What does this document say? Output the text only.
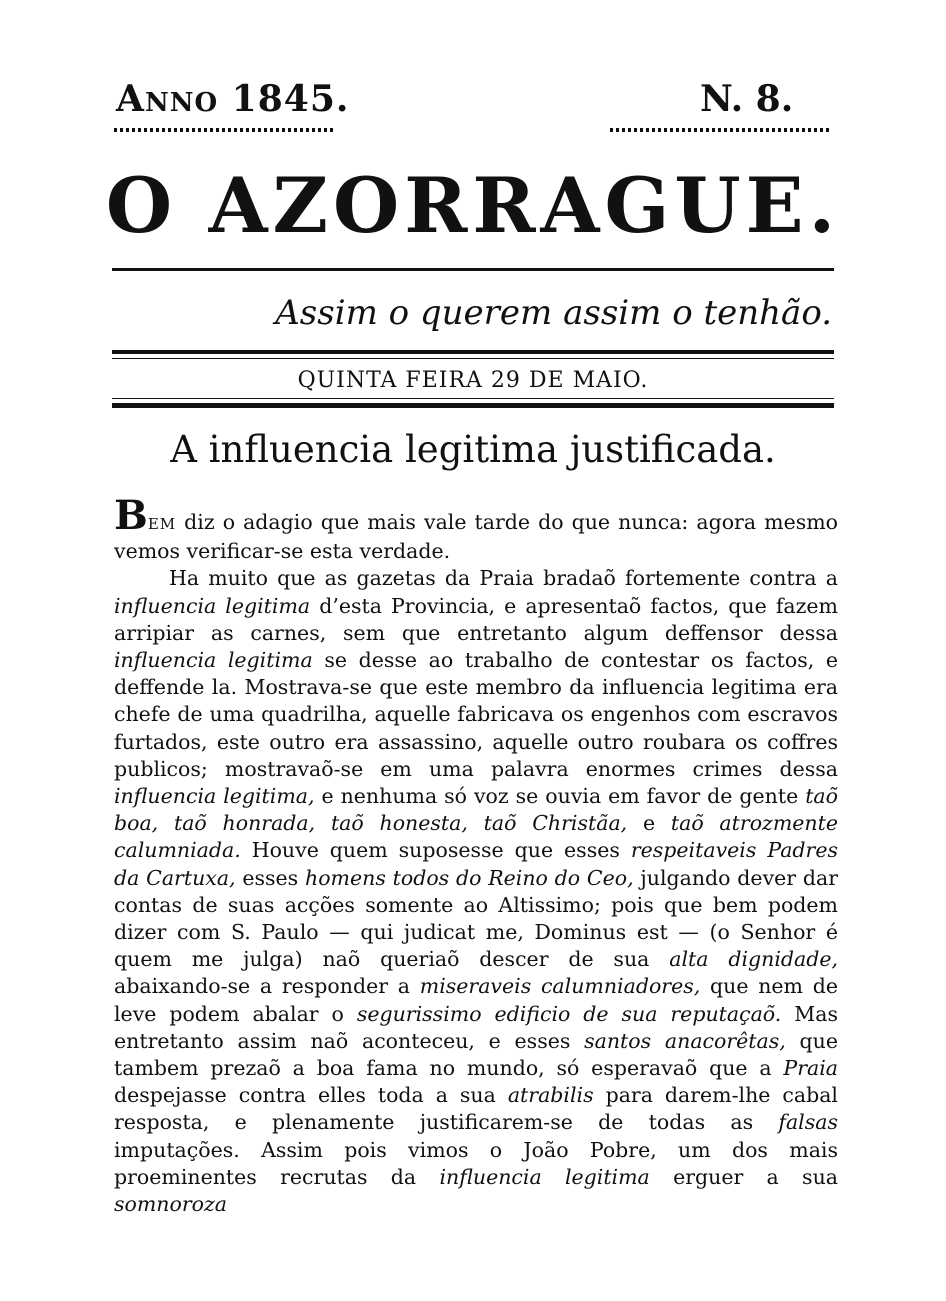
ANNO 1845.	N. 8.
O AZORRAGUE.
Assim o querem assim o tenhão.
QUINTA FEIRA 29 DE MAIO.
A influencia legitima justificada.
BEM diz o adagio que mais vale tarde do que nunca: agora mesmo vemos verificar-se esta verdade.
Ha muito que as gazetas da Praia bradaõ fortemente contra a influencia legitima d’esta Provincia, e apresentaõ factos, que fazem arripiar as carnes, sem que entretanto algum deffensor dessa influencia legitima se desse ao trabalho de contestar os factos, e deffende la. Mostrava-se que este membro da influencia legitima era chefe de uma quadrilha, aquelle fabricava os engenhos com escravos furtados, este outro era assassino, aquelle outro roubara os coffres publicos; mostravaõ-se em uma palavra enormes crimes dessa influencia legitima, e nenhuma só voz se ouvia em favor de gente taõ boa, taõ honrada, taõ honesta, taõ Christãa, e taõ atrozmente calumniada. Houve quem suposesse que esses respeitaveis Padres da Cartuxa, esses homens todos do Reino do Ceo, julgando dever dar contas de suas acções somente ao Altissimo; pois que bem podem dizer com S. Paulo — qui judicat me, Dominus est — (o Senhor é quem me julga) naõ queriaõ descer de sua alta dignidade, abaixando-se a responder a miseraveis calumniadores, que nem de leve podem abalar o segurissimo edificio de sua reputaçaõ. Mas entretanto assim naõ aconteceu, e esses santos anacorêtas, que tambem prezaõ a boa fama no mundo, só esperavaõ que a Praia despejasse contra elles toda a sua atrabilis para darem-lhe cabal resposta, e plenamente justificarem-se de todas as falsas imputações. Assim pois vimos o João Pobre, um dos mais proeminentes recrutas da influencia legitima erguer a sua somnoroza
